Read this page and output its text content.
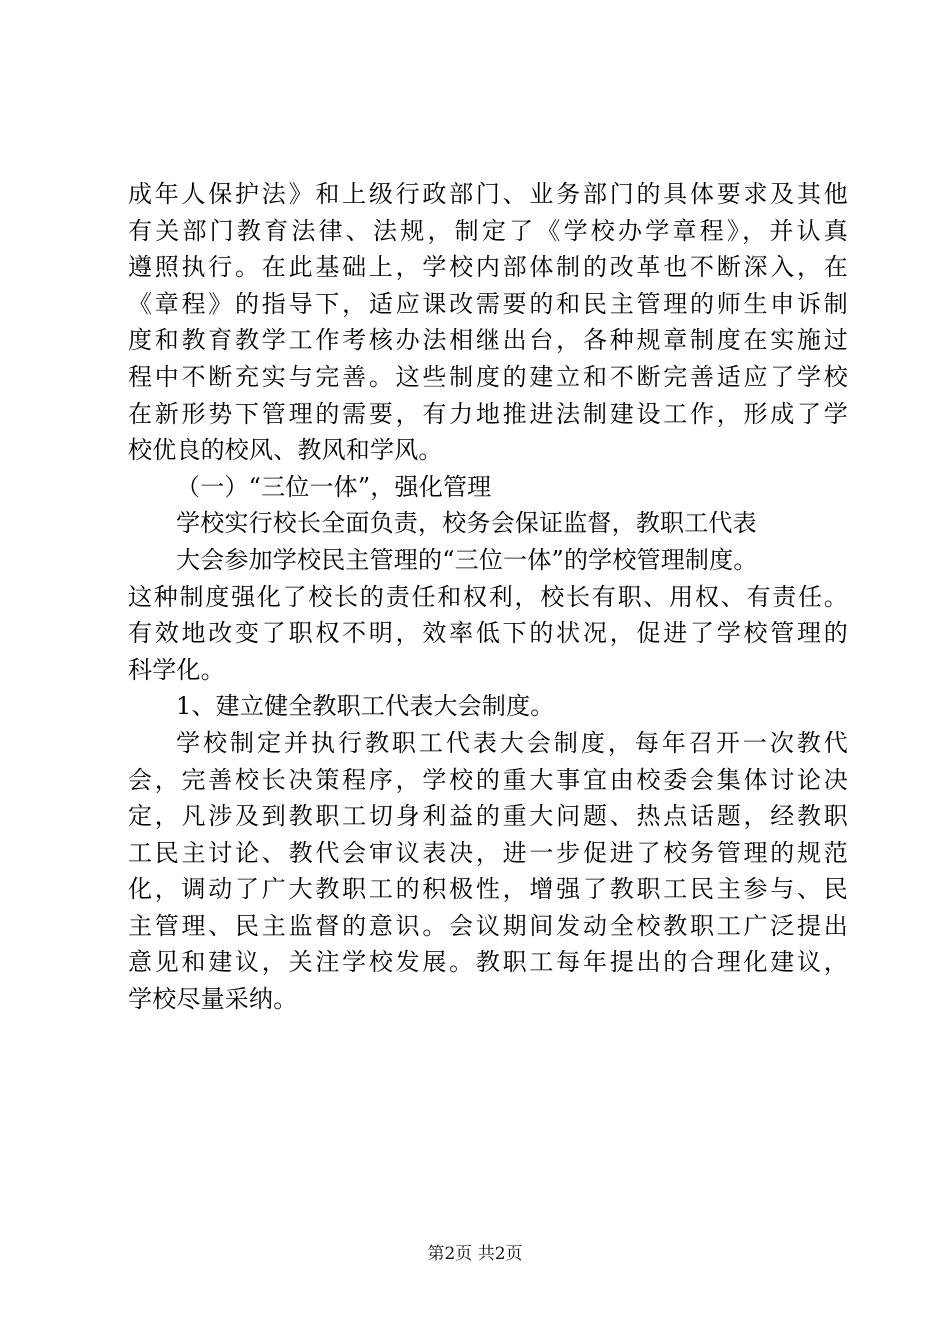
成年人保护法》和上级行政部门、业务部门的具体要求及其他
有关部门教育法律、法规，制定了《学校办学章程》，并认真
遵照执行。在此基础上，学校内部体制的改革也不断深入，在
《章程》的指导下，适应课改需要的和民主管理的师生申诉制
度和教育教学工作考核办法相继出台，各种规章制度在实施过
程中不断充实与完善。这些制度的建立和不断完善适应了学校
在新形势下管理的需要，有力地推进法制建设工作，形成了学
校优良的校风、教风和学风。
（一）“三位一体”，强化管理
学校实行校长全面负责，校务会保证监督，教职工代表
大会参加学校民主管理的“三位一体”的学校管理制度。
这种制度强化了校长的责任和权利，校长有职、用权、有责任。
有效地改变了职权不明，效率低下的状况，促进了学校管理的
科学化。
1、建立健全教职工代表大会制度。
学校制定并执行教职工代表大会制度，每年召开一次教代
会，完善校长决策程序，学校的重大事宜由校委会集体讨论决
定，凡涉及到教职工切身利益的重大问题、热点话题，经教职
工民主讨论、教代会审议表决，进一步促进了校务管理的规范
化，调动了广大教职工的积极性，增强了教职工民主参与、民
主管理、民主监督的意识。会议期间发动全校教职工广泛提出
意见和建议，关注学校发展。教职工每年提出的合理化建议，
学校尽量采纳。
第2页 共2页
